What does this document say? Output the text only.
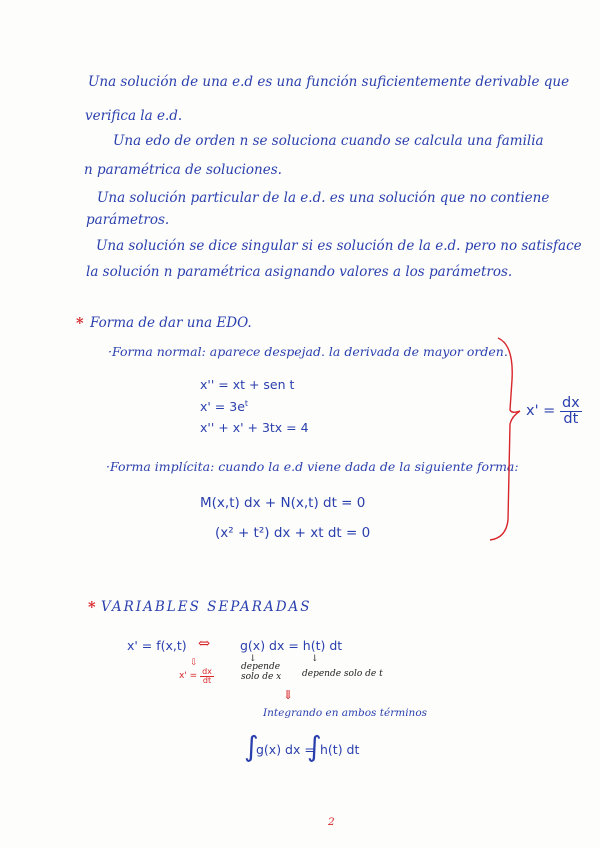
Una solución de una e.d es una función suficientemente derivable que
verifica la e.d.
Una edo de orden n se soluciona cuando se calcula una familia
n paramétrica de soluciones.
Una solución particular de la e.d. es una solución que no contiene
parámetros.
Una solución se dice singular si es solución de la e.d. pero no satisface
la solución n paramétrica asignando valores a los parámetros.
* Forma de dar una EDO.
·Forma normal: aparece despejad. la derivada de mayor orden.
x'' = xt + sen t
$x' = 3e^t$
x'' + x' + 3tx = 4
$x' = \frac{dx}{dt}$
·Forma implícita: cuando la e.d viene dada de la siguiente forma:
M(x,t) dx + N(x,t) dt = 0
(x² + t²) dx + xt dt = 0
* VARIABLES SEPARADAS
x' = f(x,t) ⇔ g(x) dx = h(t) dt
⇩
$x' = \frac{dx}{dt}$
↓
depende
solo de x
↓
depende solo de t
⇓
Integrando en ambos términos
∫
g(x) dx =
∫
h(t) dt
2
